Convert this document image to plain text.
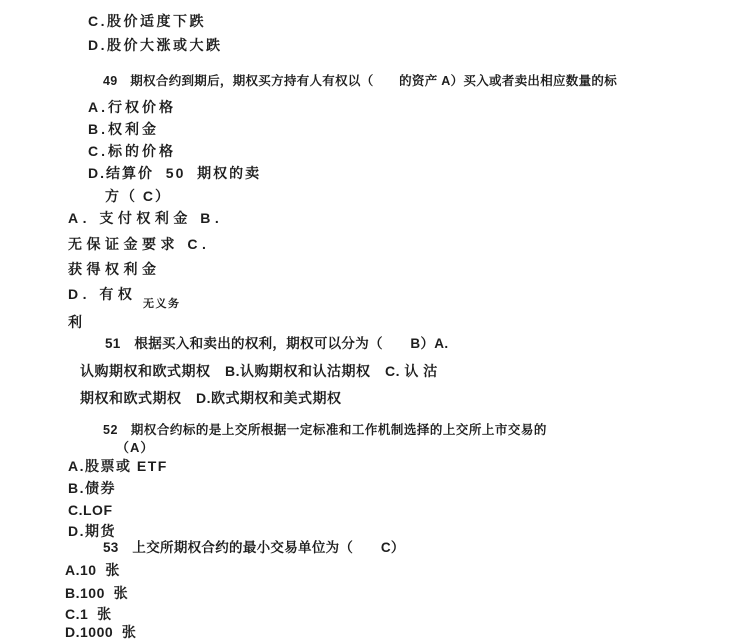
C.股价适度下跌
D.股价大涨或大跌
49　期权合约到期后，期权买方持有人有权以（　　的资产 A）买入或者卖出相应数量的标
A.行权价格
B.权利金
C.标的价格
D.结算价  50  期权的卖
方（ C）
A. 支付权利金 B.
无保证金要求 C.
获得权利金
D. 有权
无义务
利
51　根据买入和卖出的权利，期权可以分为（　　B）A.
认购期权和欧式期权　B.认购期权和认沽期权　C. 认 沽
期权和欧式期权　D.欧式期权和美式期权
52　期权合约标的是上交所根据一定标准和工作机制选择的上交所上市交易的
（A）
A.股票或 ETF
B.债券
C.LOF
D.期货
53　上交所期权合约的最小交易单位为（　　C）
A.10  张
B.100  张
C.1  张
D.1000  张
